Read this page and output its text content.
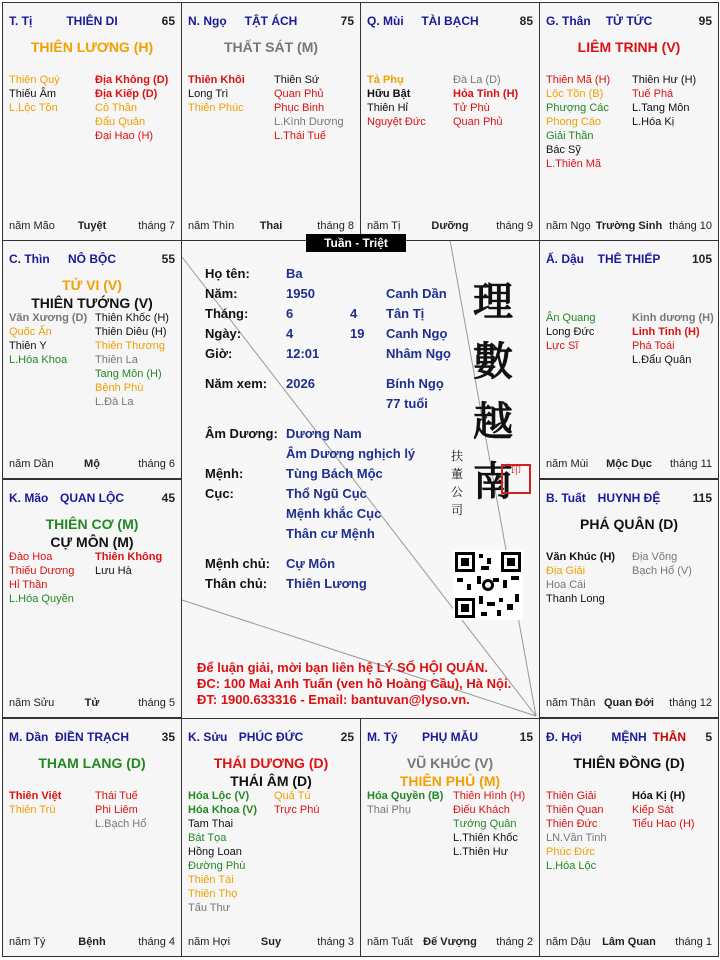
T. Tị	THIÊN DI	65
THIÊN LƯƠNG (H)
Thiên Quý
Thiếu Âm
L.Lộc Tồn
Địa Không (D)
Địa Kiếp (D)
Cô Thần
Đẩu Quân
Đại Hao (H)
năm Mão	Tuyệt	tháng 7
N. Ngọ	TẬT ÁCH	75
THẤT SÁT (M)
Thiên Khôi
Long Trì
Thiên Phúc
Thiên Sứ
Quan Phủ
Phục Binh
L.Kình Dương
L.Thái Tuế
năm Thìn	Thai	tháng 8
Q. Mùi	TÀI BẠCH	85
Tả Phụ
Hữu Bật
Thiên Hỉ
Nguyệt Đức
Đà La (D)
Hỏa Tinh (H)
Tử Phù
Quan Phủ
năm Tị	Dưỡng	tháng 9
G. Thân	TỬ TỨC	95
LIÊM TRINH (V)
Thiên Mã (H)
Lộc Tồn (B)
Phượng Các
Phong Cáo
Giải Thần
Bác Sỹ
L.Thiên Mã
Thiên Hư (H)
Tuế Phá
L.Tang Môn
L.Hóa Kị
năm Ngọ Trường Sinh tháng 10
C. Thìn	NÔ BỘC	55
TỬ VI (V)
THIÊN TƯỚNG (V)
Văn Xương (D)
Quốc Ấn
Thiên Y
L.Hóa Khoa
Thiên Khốc (H)
Thiên Diêu (H)
Thiên Thương
Thiên La
Tang Môn (H)
Bệnh Phù
L.Đà La
năm Dần	Mộ	tháng 6
Ấ. Dậu	THÊ THIẾP	105
Ân Quang
Long Đức
Lực Sĩ
Kình dương (H)
Linh Tinh (H)
Phá Toái
L.Đẩu Quân
năm Mùi	Mộc Dục	tháng 11
K. Mão QUAN LỘC	45
THIÊN CƠ (M)
CỰ MÔN (M)
Đào Hoa
Thiếu Dương
Hỉ Thần
L.Hóa Quyền
Thiên Không
Lưu Hà
năm Sửu	Tử	tháng 5
B. Tuất HUYNH ĐỆ	115
PHÁ QUÂN (D)
Văn Khúc (H)
Địa Giải
Hoa Cái
Thanh Long
Địa Võng
Bạch Hổ (V)
năm Thân Quan Đới	tháng 12
M. Dần ĐIỀN TRẠCH	35
THAM LANG (D)
Thiên Việt
Thiên Trù
Thái Tuế
Phi Liêm
L.Bạch Hổ
năm Tý	Bệnh	tháng 4
K. Sửu PHÚC ĐỨC	25
THÁI DƯƠNG (D)
THÁI ÂM (D)
Hóa Lộc (V)
Hóa Khoa (V)
Tam Thai
Bát Tọa
Hồng Loan
Đường Phù
Thiên Tài
Thiên Thọ
Tấu Thư
Quả Tú
Trực Phù
năm Hợi	Suy	tháng 3
M. Tý	PHỤ MẪU	15
VŨ KHÚC (V)
THIÊN PHỦ (M)
Hóa Quyền (B)
Thai Phụ
Thiên Hình (H)
Điếu Khách
Tướng Quân
L.Thiên Khốc
L.Thiên Hư
năm Tuất Đế Vượng	tháng 2
Đ. Hợi	MỆNH	5
THÂN
THIÊN ĐỒNG (D)
Thiên Giải
Thiên Quan
Thiên Đức
LN.Văn Tinh
Phúc Đức
L.Hóa Lộc
Hóa Kị (H)
Kiếp Sát
Tiểu Hao (H)
năm Dậu	Lâm Quan	tháng 1
Họ tên:	Ba
Năm:	1950	Canh Dần
Tháng:	6	4 Tân Tị
Ngày:	4	19 Canh Ngọ
Giờ:	12:01	Nhâm Ngọ
Năm xem: 2026	Bính Ngọ
77 tuổi
Âm Dương: Dương Nam
Âm Dương nghịch lý
Mệnh:	Tùng Bách Mộc
Cục:	Thổ Ngũ Cục
Mệnh khắc Cục
Thân cư Mệnh
Mệnh chủ: Cự Môn
Thân chủ: Thiên Lương
理數越南
扶董公司
印
Để luận giải, mời bạn liên hệ LÝ SỐ HỘI QUÁN.
ĐC: 100 Mai Anh Tuấn (ven hồ Hoàng Cầu), Hà Nội.
ĐT: 1900.633316 - Email: bantuvan@lyso.vn.
Tuần - Triệt
